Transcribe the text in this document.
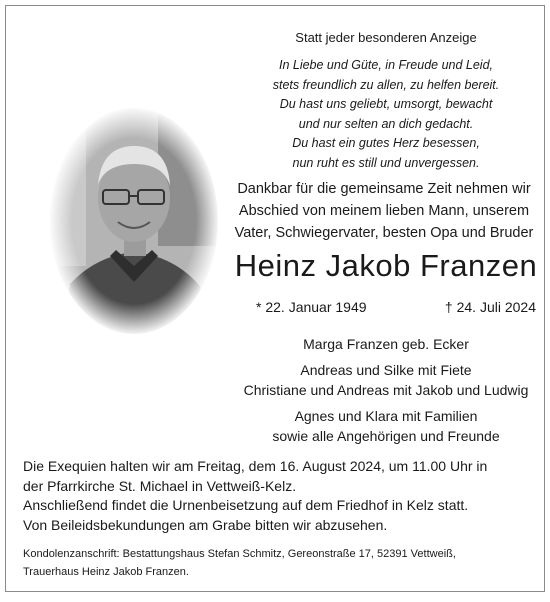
Statt jeder besonderen Anzeige
In Liebe und Güte, in Freude und Leid,
stets freundlich zu allen, zu helfen bereit.
Du hast uns geliebt, umsorgt, bewacht
und nur selten an dich gedacht.
Du hast ein gutes Herz besessen,
nun ruht es still und unvergessen.
Dankbar für die gemeinsame Zeit nehmen wir
Abschied von meinem lieben Mann, unserem
Vater, Schwiegervater, besten Opa und Bruder
Heinz Jakob Franzen
* 22. Januar 1949	† 24. Juli 2024
Marga Franzen geb. Ecker
Andreas und Silke mit Fiete
Christiane und Andreas mit Jakob und Ludwig
Agnes und Klara mit Familien
sowie alle Angehörigen und Freunde
Die Exequien halten wir am Freitag, dem 16. August 2024, um 11.00 Uhr in
der Pfarrkirche St. Michael in Vettweiß-Kelz.
Anschließend findet die Urnenbeisetzung auf dem Friedhof in Kelz statt.
Von Beileidsbekundungen am Grabe bitten wir abzusehen.
Kondolenzanschrift: Bestattungshaus Stefan Schmitz, Gereonstraße 17, 52391 Vettweiß,
Trauerhaus Heinz Jakob Franzen.
